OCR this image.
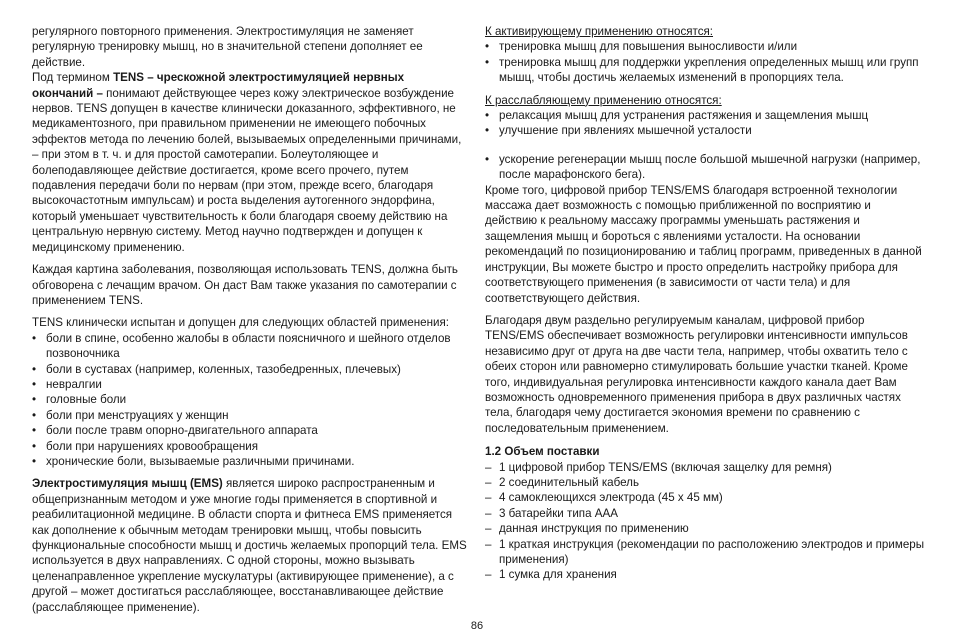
регулярного повторного применения. Электростимуляция не заменяет регулярную тренировку мышц, но в значительной степени дополняет ее действие.

Под термином TENS – чрескожной электростимуляцией нервных окончаний – понимают действующее через кожу электрическое возбуждение нервов. TENS допущен в качестве клинически доказанного, эффективного, не медикаментозного, при правильном применении не имеющего побочных эффектов метода по лечению болей, вызываемых определенными причинами, – при этом в т. ч. и для простой самотерапии. Болеутоляющее и болеподавляющее действие достигается, кроме всего прочего, путем подавления передачи боли по нервам (при этом, прежде всего, благодаря высокочастотным импульсам) и роста выделения аутогенного эндорфина, который уменьшает чувствительность к боли благодаря своему действию на центральную нервную систему. Метод научно подтвержден и допущен к медицинскому применению.

Каждая картина заболевания, позволяющая использовать TENS, должна быть обговорена с лечащим врачом. Он даст Вам также указания по самотерапии с применением TENS.

TENS клинически испытан и допущен для следующих областей применения:

• боли в спине, особенно жалобы в области поясничного и шейного отделов позвоночника
• боли в суставах (например, коленных, тазобедренных, плечевых)
• невралгии
• головные боли
• боли при менструациях у женщин
• боли после травм опорно-двигательного аппарата
• боли при нарушениях кровообращения
• хронические боли, вызываемые различными причинами.

Электростимуляция мышц (EMS) является широко распространенным и общепризнанным методом и уже многие годы применяется в спортивной и реабилитационной медицине. В области спорта и фитнеса EMS применяется как дополнение к обычным методам тренировки мышц, чтобы повысить функциональные способности мышц и достичь желаемых пропорций тела. EMS используется в двух направлениях. С одной стороны, можно вызывать целенаправленное укрепление мускулатуры (активирующее применение), а с другой – может достигаться расслабляющее, восстанавливающее действие (расслабляющее применение).

К активирующему применению относятся:

• тренировка мышц для повышения выносливости и/или
• тренировка мышц для поддержки укрепления определенных мышц или групп мышц, чтобы достичь желаемых изменений в пропорциях тела.

К расслабляющему применению относятся:

• релаксация мышц для устранения растяжения и защемления мышц
• улучшение при явлениях мышечной усталости
• ускорение регенерации мышц после большой мышечной нагрузки (например, после марафонского бега).

Кроме того, цифровой прибор TENS/EMS благодаря встроенной технологии массажа дает возможность с помощью приближенной по восприятию и действию к реальному массажу программы уменьшать растяжения и защемления мышц и бороться с явлениями усталости. На основании рекомендаций по позиционированию и таблиц программ, приведенных в данной инструкции, Вы можете быстро и просто определить настройку прибора для соответствующего применения (в зависимости от части тела) и для соответствующего действия.

Благодаря двум раздельно регулируемым каналам, цифровой прибор TENS/EMS обеспечивает возможность регулировки интенсивности импульсов независимо друг от друга на две части тела, например, чтобы охватить тело с обеих сторон или равномерно стимулировать большие участки тканей. Кроме того, индивидуальная регулировка интенсивности каждого канала дает Вам возможность одновременного применения прибора в двух различных частях тела, благодаря чему достигается экономия времени по сравнению с последовательным применением.

1.2 Объем поставки

– 1 цифровой прибор TENS/EMS (включая защелку для ремня)
– 2 соединительный кабель
– 4 самоклеющихся электрода (45 x 45 мм)
– 3 батарейки типа AAA
– данная инструкция по применению
– 1 краткая инструкция (рекомендации по расположению электродов и примеры применения)
– 1 сумка для хранения
86
